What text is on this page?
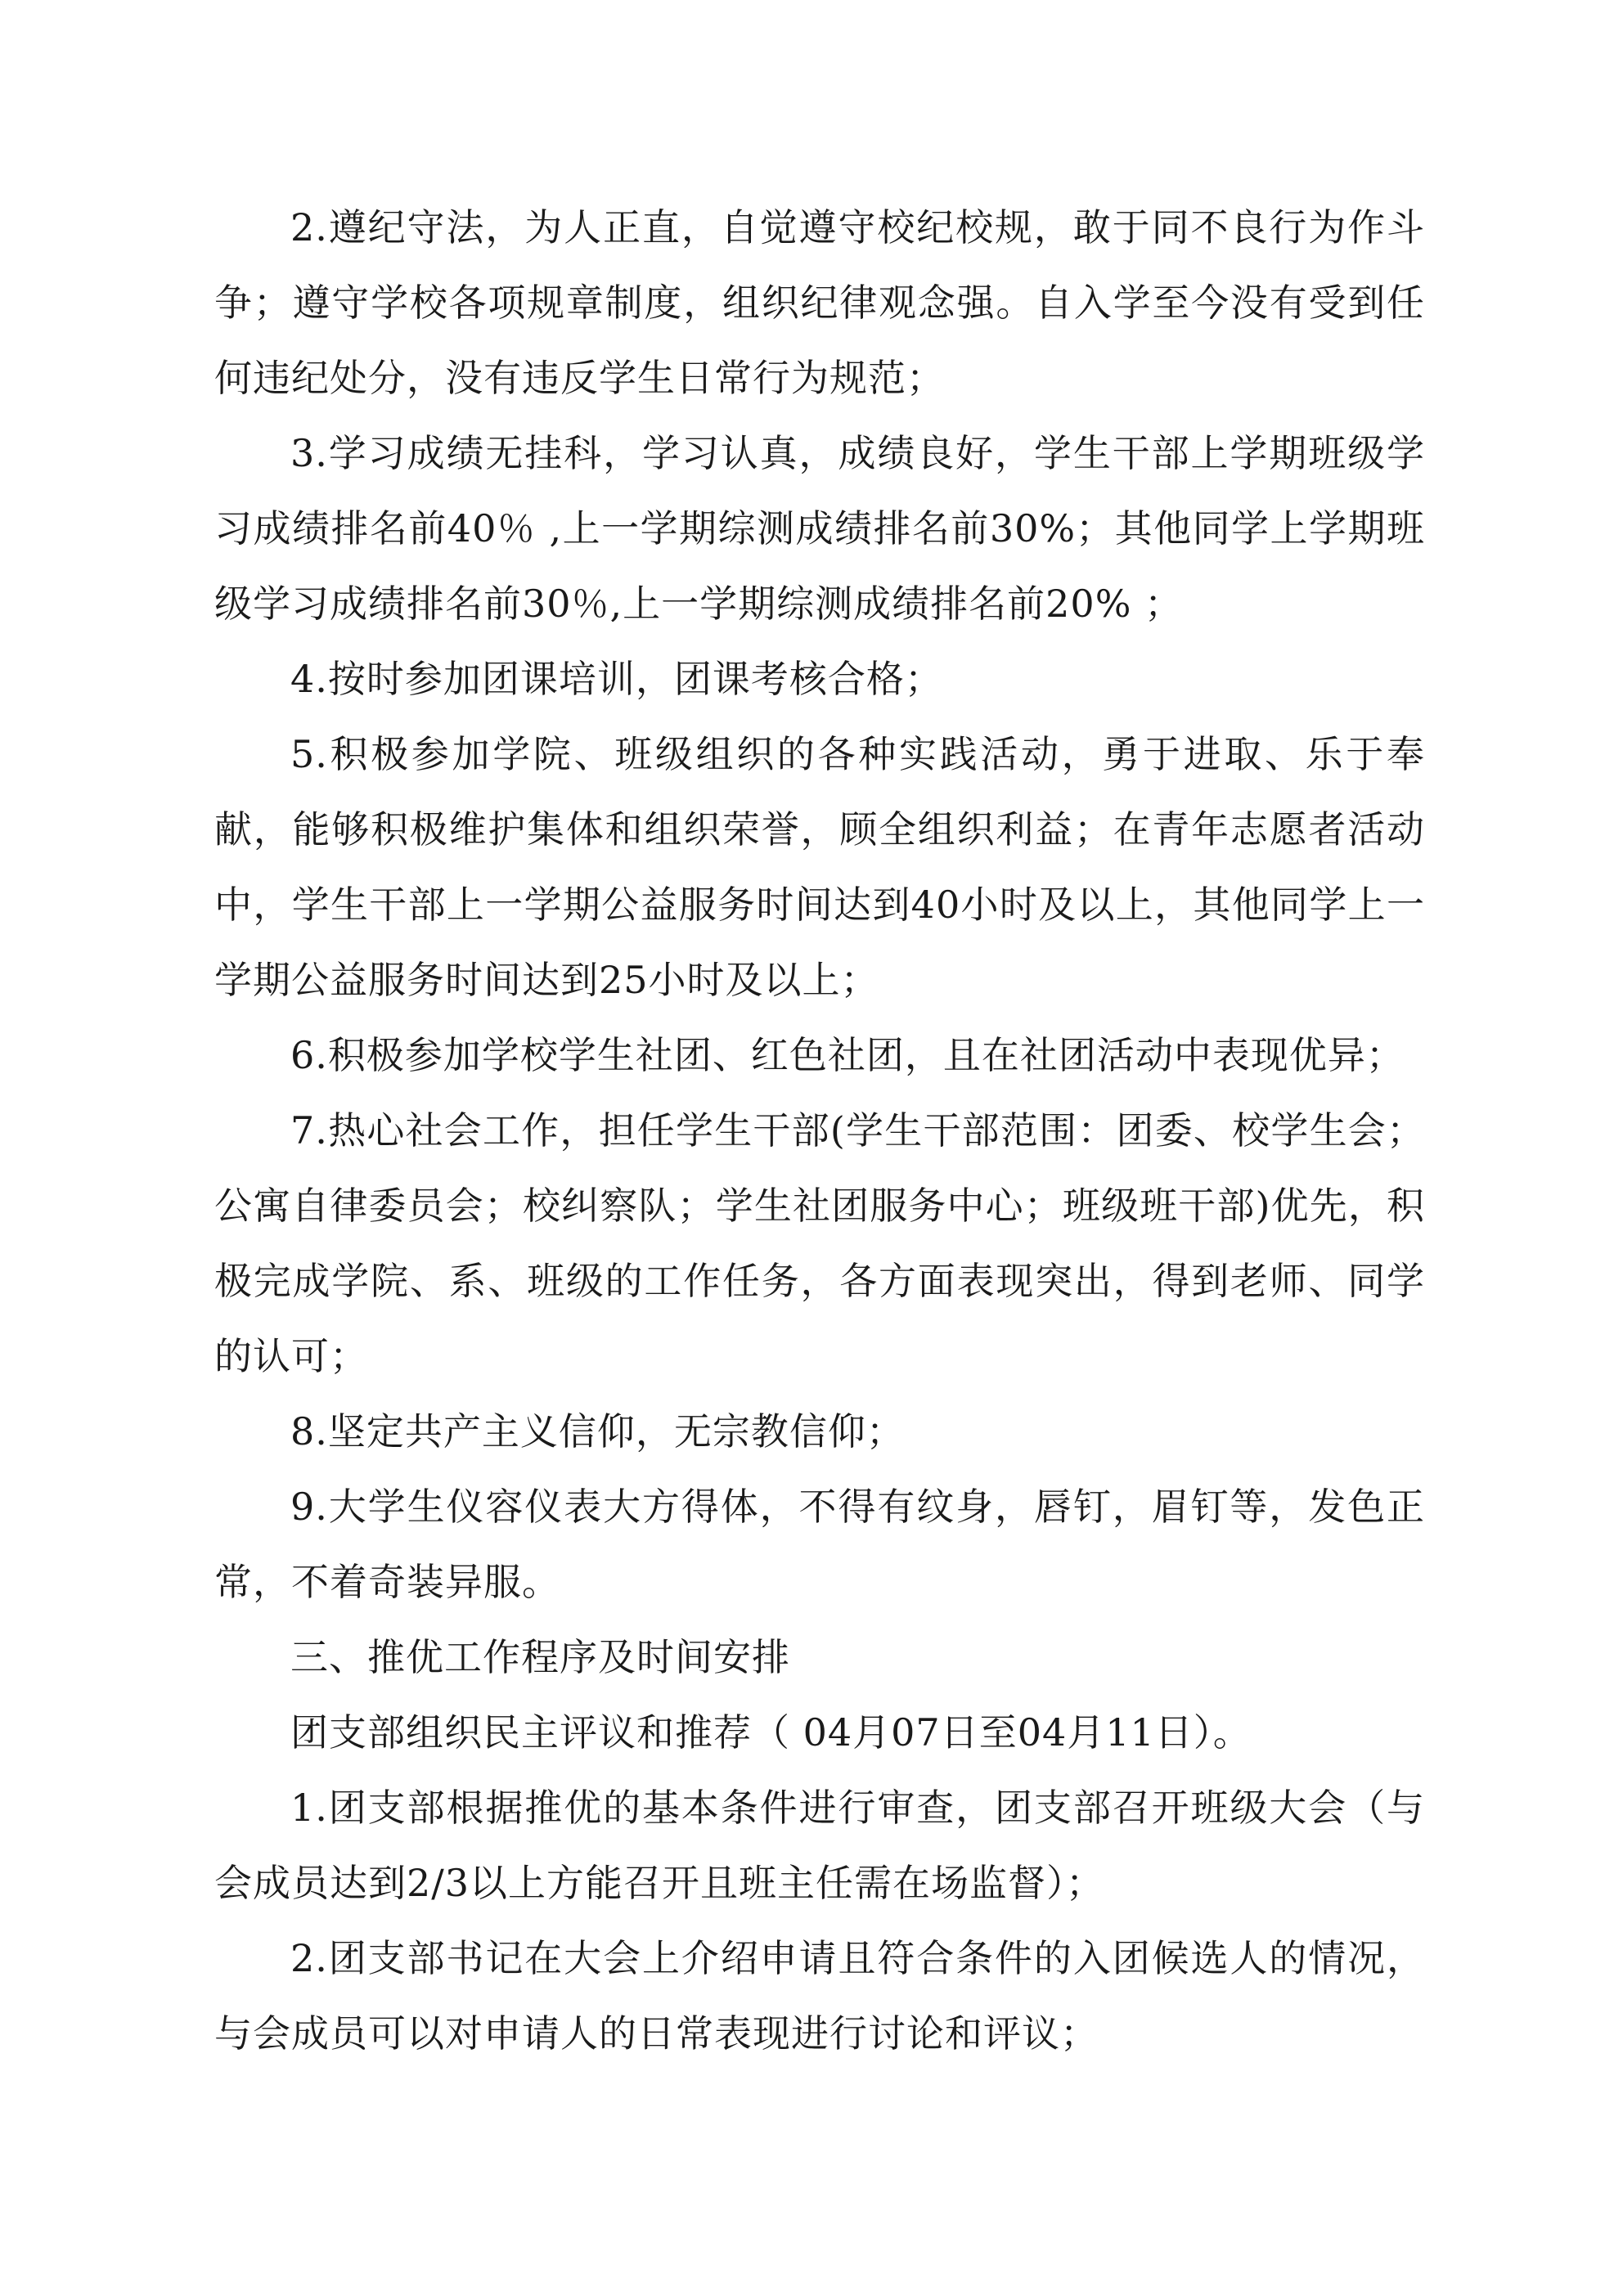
2.遵纪守法，为人正直，自觉遵守校纪校规，敢于同不良行为作斗争；遵守学校各项规章制度，组织纪律观念强。自入学至今没有受到任何违纪处分，没有违反学生日常行为规范；

3.学习成绩无挂科，学习认真，成绩良好，学生干部上学期班级学习成绩排名前40％ ,上一学期综测成绩排名前30%；其他同学上学期班级学习成绩排名前30％,上一学期综测成绩排名前20% ；

4.按时参加团课培训，团课考核合格；

5.积极参加学院、班级组织的各种实践活动，勇于进取、乐于奉献，能够积极维护集体和组织荣誉，顾全组织利益；在青年志愿者活动中，学生干部上一学期公益服务时间达到40小时及以上，其他同学上一学期公益服务时间达到25小时及以上；

6.积极参加学校学生社团、红色社团，且在社团活动中表现优异；

7.热心社会工作，担任学生干部(学生干部范围：团委、校学生会；公寓自律委员会；校纠察队；学生社团服务中心；班级班干部)优先，积极完成学院、系、班级的工作任务，各方面表现突出，得到老师、同学的认可；

8.坚定共产主义信仰，无宗教信仰；

9.大学生仪容仪表大方得体，不得有纹身，唇钉，眉钉等，发色正常，不着奇装异服。

三、推优工作程序及时间安排

团支部组织民主评议和推荐（ 04月07日至04月11日）。

1.团支部根据推优的基本条件进行审查，团支部召开班级大会（与会成员达到2/3以上方能召开且班主任需在场监督）；

2.团支部书记在大会上介绍申请且符合条件的入团候选人的情况，与会成员可以对申请人的日常表现进行讨论和评议；
